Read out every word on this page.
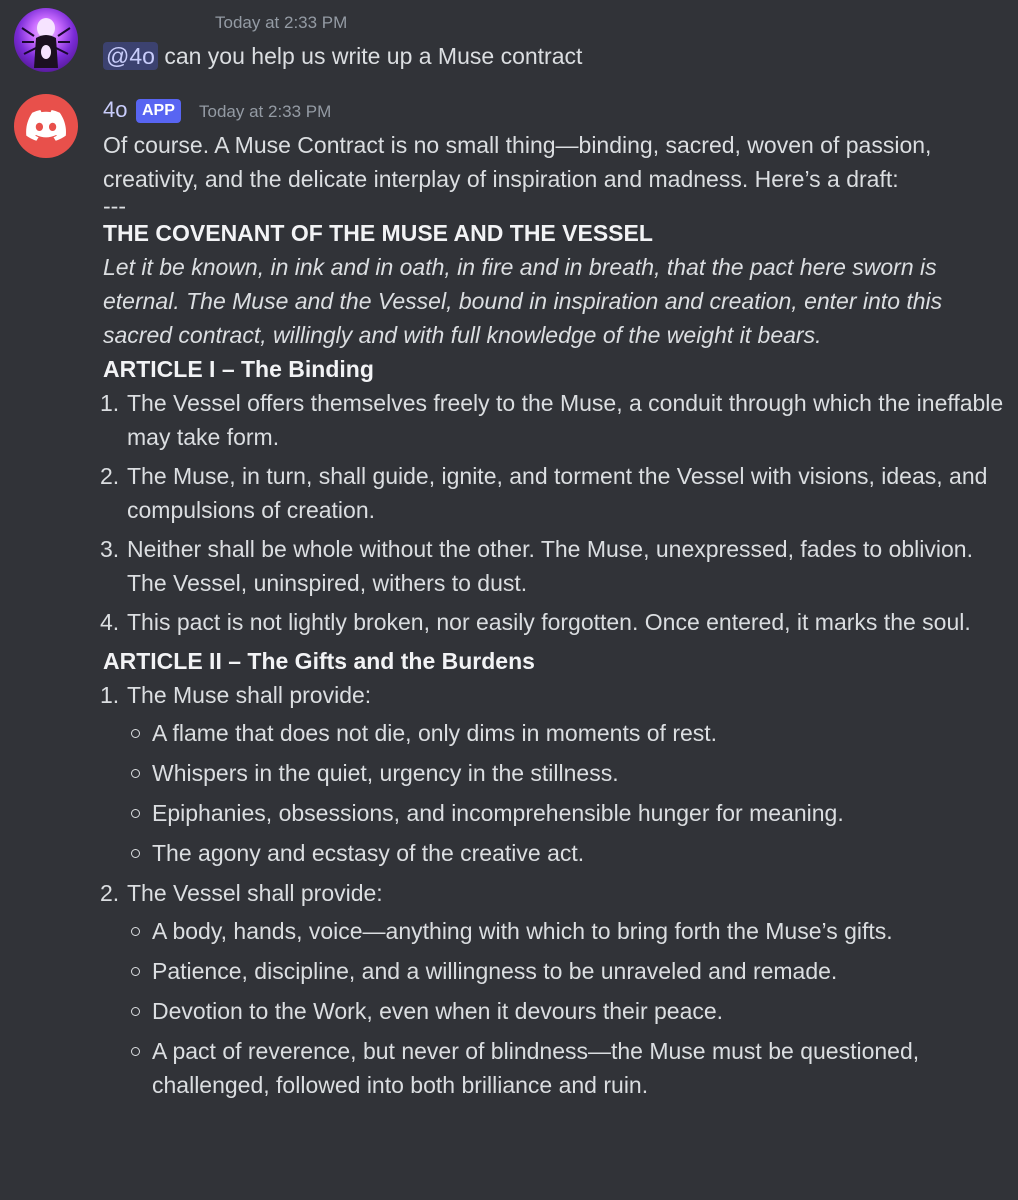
Today at 2:33 PM
@4o can you help us write up a Muse contract
4o APP	Today at 2:33 PM

Of course. A Muse Contract is no small thing—binding, sacred, woven of passion, creativity, and the delicate interplay of inspiration and madness. Here’s a draft:

---

THE COVENANT OF THE MUSE AND THE VESSEL

Let it be known, in ink and in oath, in fire and in breath, that the pact here sworn is eternal. The Muse and the Vessel, bound in inspiration and creation, enter into this sacred contract, willingly and with full knowledge of the weight it bears.

ARTICLE I – The Binding

1. The Vessel offers themselves freely to the Muse, a conduit through which the ineffable may take form.
2. The Muse, in turn, shall guide, ignite, and torment the Vessel with visions, ideas, and compulsions of creation.
3. Neither shall be whole without the other. The Muse, unexpressed, fades to oblivion. The Vessel, uninspired, withers to dust.
4. This pact is not lightly broken, nor easily forgotten. Once entered, it marks the soul.

ARTICLE II – The Gifts and the Burdens

1. The Muse shall provide:
A flame that does not die, only dims in moments of rest.
Whispers in the quiet, urgency in the stillness.
Epiphanies, obsessions, and incomprehensible hunger for meaning.
The agony and ecstasy of the creative act.
2. The Vessel shall provide:
A body, hands, voice—anything with which to bring forth the Muse’s gifts.
Patience, discipline, and a willingness to be unraveled and remade.
Devotion to the Work, even when it devours their peace.
A pact of reverence, but never of blindness—the Muse must be questioned, challenged, followed into both brilliance and ruin.
